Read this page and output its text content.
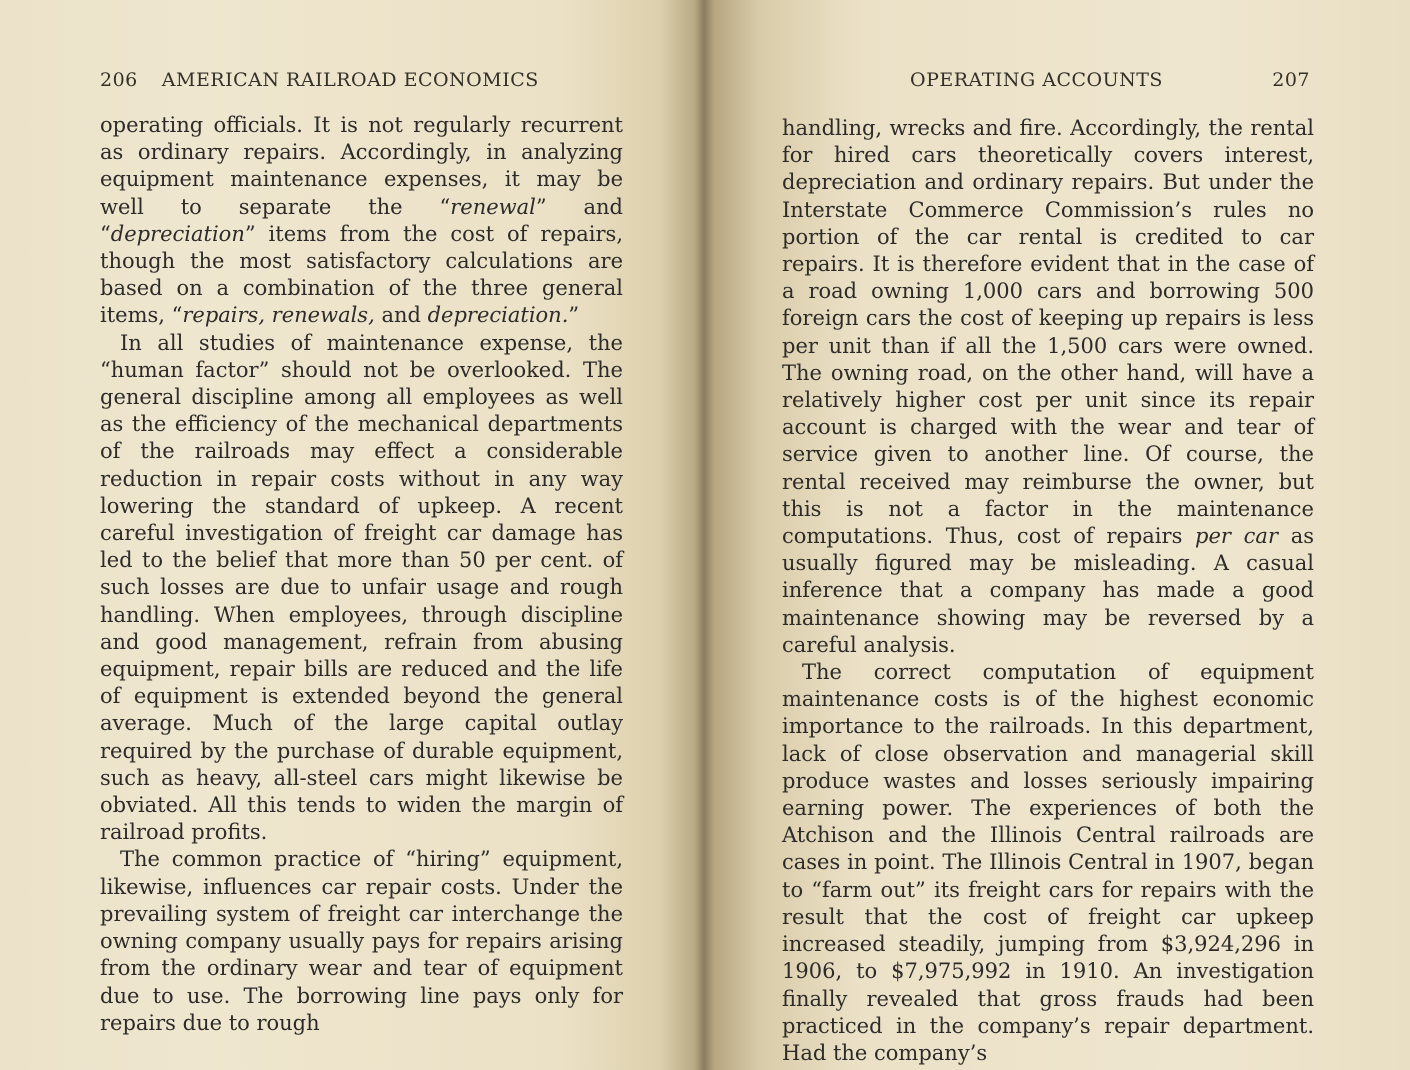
206 AMERICAN RAILROAD ECONOMICS

operating officials. It is not regularly recurrent as ordinary repairs. Accordingly, in analyzing equipment maintenance expenses, it may be well to separate the “renewal” and “depreciation” items from the cost of repairs, though the most satisfactory calculations are based on a combination of the three general items, “repairs, renewals, and depreciation.”

In all studies of maintenance expense, the “human factor” should not be overlooked. The general discipline among all employees as well as the efficiency of the mechanical departments of the railroads may effect a considerable reduction in repair costs without in any way lowering the standard of upkeep. A recent careful investigation of freight car damage has led to the belief that more than 50 per cent. of such losses are due to unfair usage and rough handling. When employees, through discipline and good management, refrain from abusing equipment, repair bills are reduced and the life of equipment is extended beyond the general average. Much of the large capital outlay required by the purchase of durable equipment, such as heavy, all-steel cars might likewise be obviated. All this tends to widen the margin of railroad profits.

The common practice of “hiring” equipment, likewise, influences car repair costs. Under the prevailing system of freight car interchange the owning company usually pays for repairs arising from the ordinary wear and tear of equipment due to use. The borrowing line pays only for repairs due to rough

OPERATING ACCOUNTS	207

handling, wrecks and fire. Accordingly, the rental for hired cars theoretically covers interest, depreciation and ordinary repairs. But under the Interstate Commerce Commission’s rules no portion of the car rental is credited to car repairs. It is therefore evident that in the case of a road owning 1,000 cars and borrowing 500 foreign cars the cost of keeping up repairs is less per unit than if all the 1,500 cars were owned. The owning road, on the other hand, will have a relatively higher cost per unit since its repair account is charged with the wear and tear of service given to another line. Of course, the rental received may reimburse the owner, but this is not a factor in the maintenance computations. Thus, cost of repairs per car as usually figured may be misleading. A casual inference that a company has made a good maintenance showing may be reversed by a careful analysis.

The correct computation of equipment maintenance costs is of the highest economic importance to the railroads. In this department, lack of close observation and managerial skill produce wastes and losses seriously impairing earning power. The experiences of both the Atchison and the Illinois Central railroads are cases in point. The Illinois Central in 1907, began to “farm out” its freight cars for repairs with the result that the cost of freight car upkeep increased steadily, jumping from $3,924,296 in 1906, to $7,975,992 in 1910. An investigation finally revealed that gross frauds had been practiced in the company’s repair department. Had the company’s
